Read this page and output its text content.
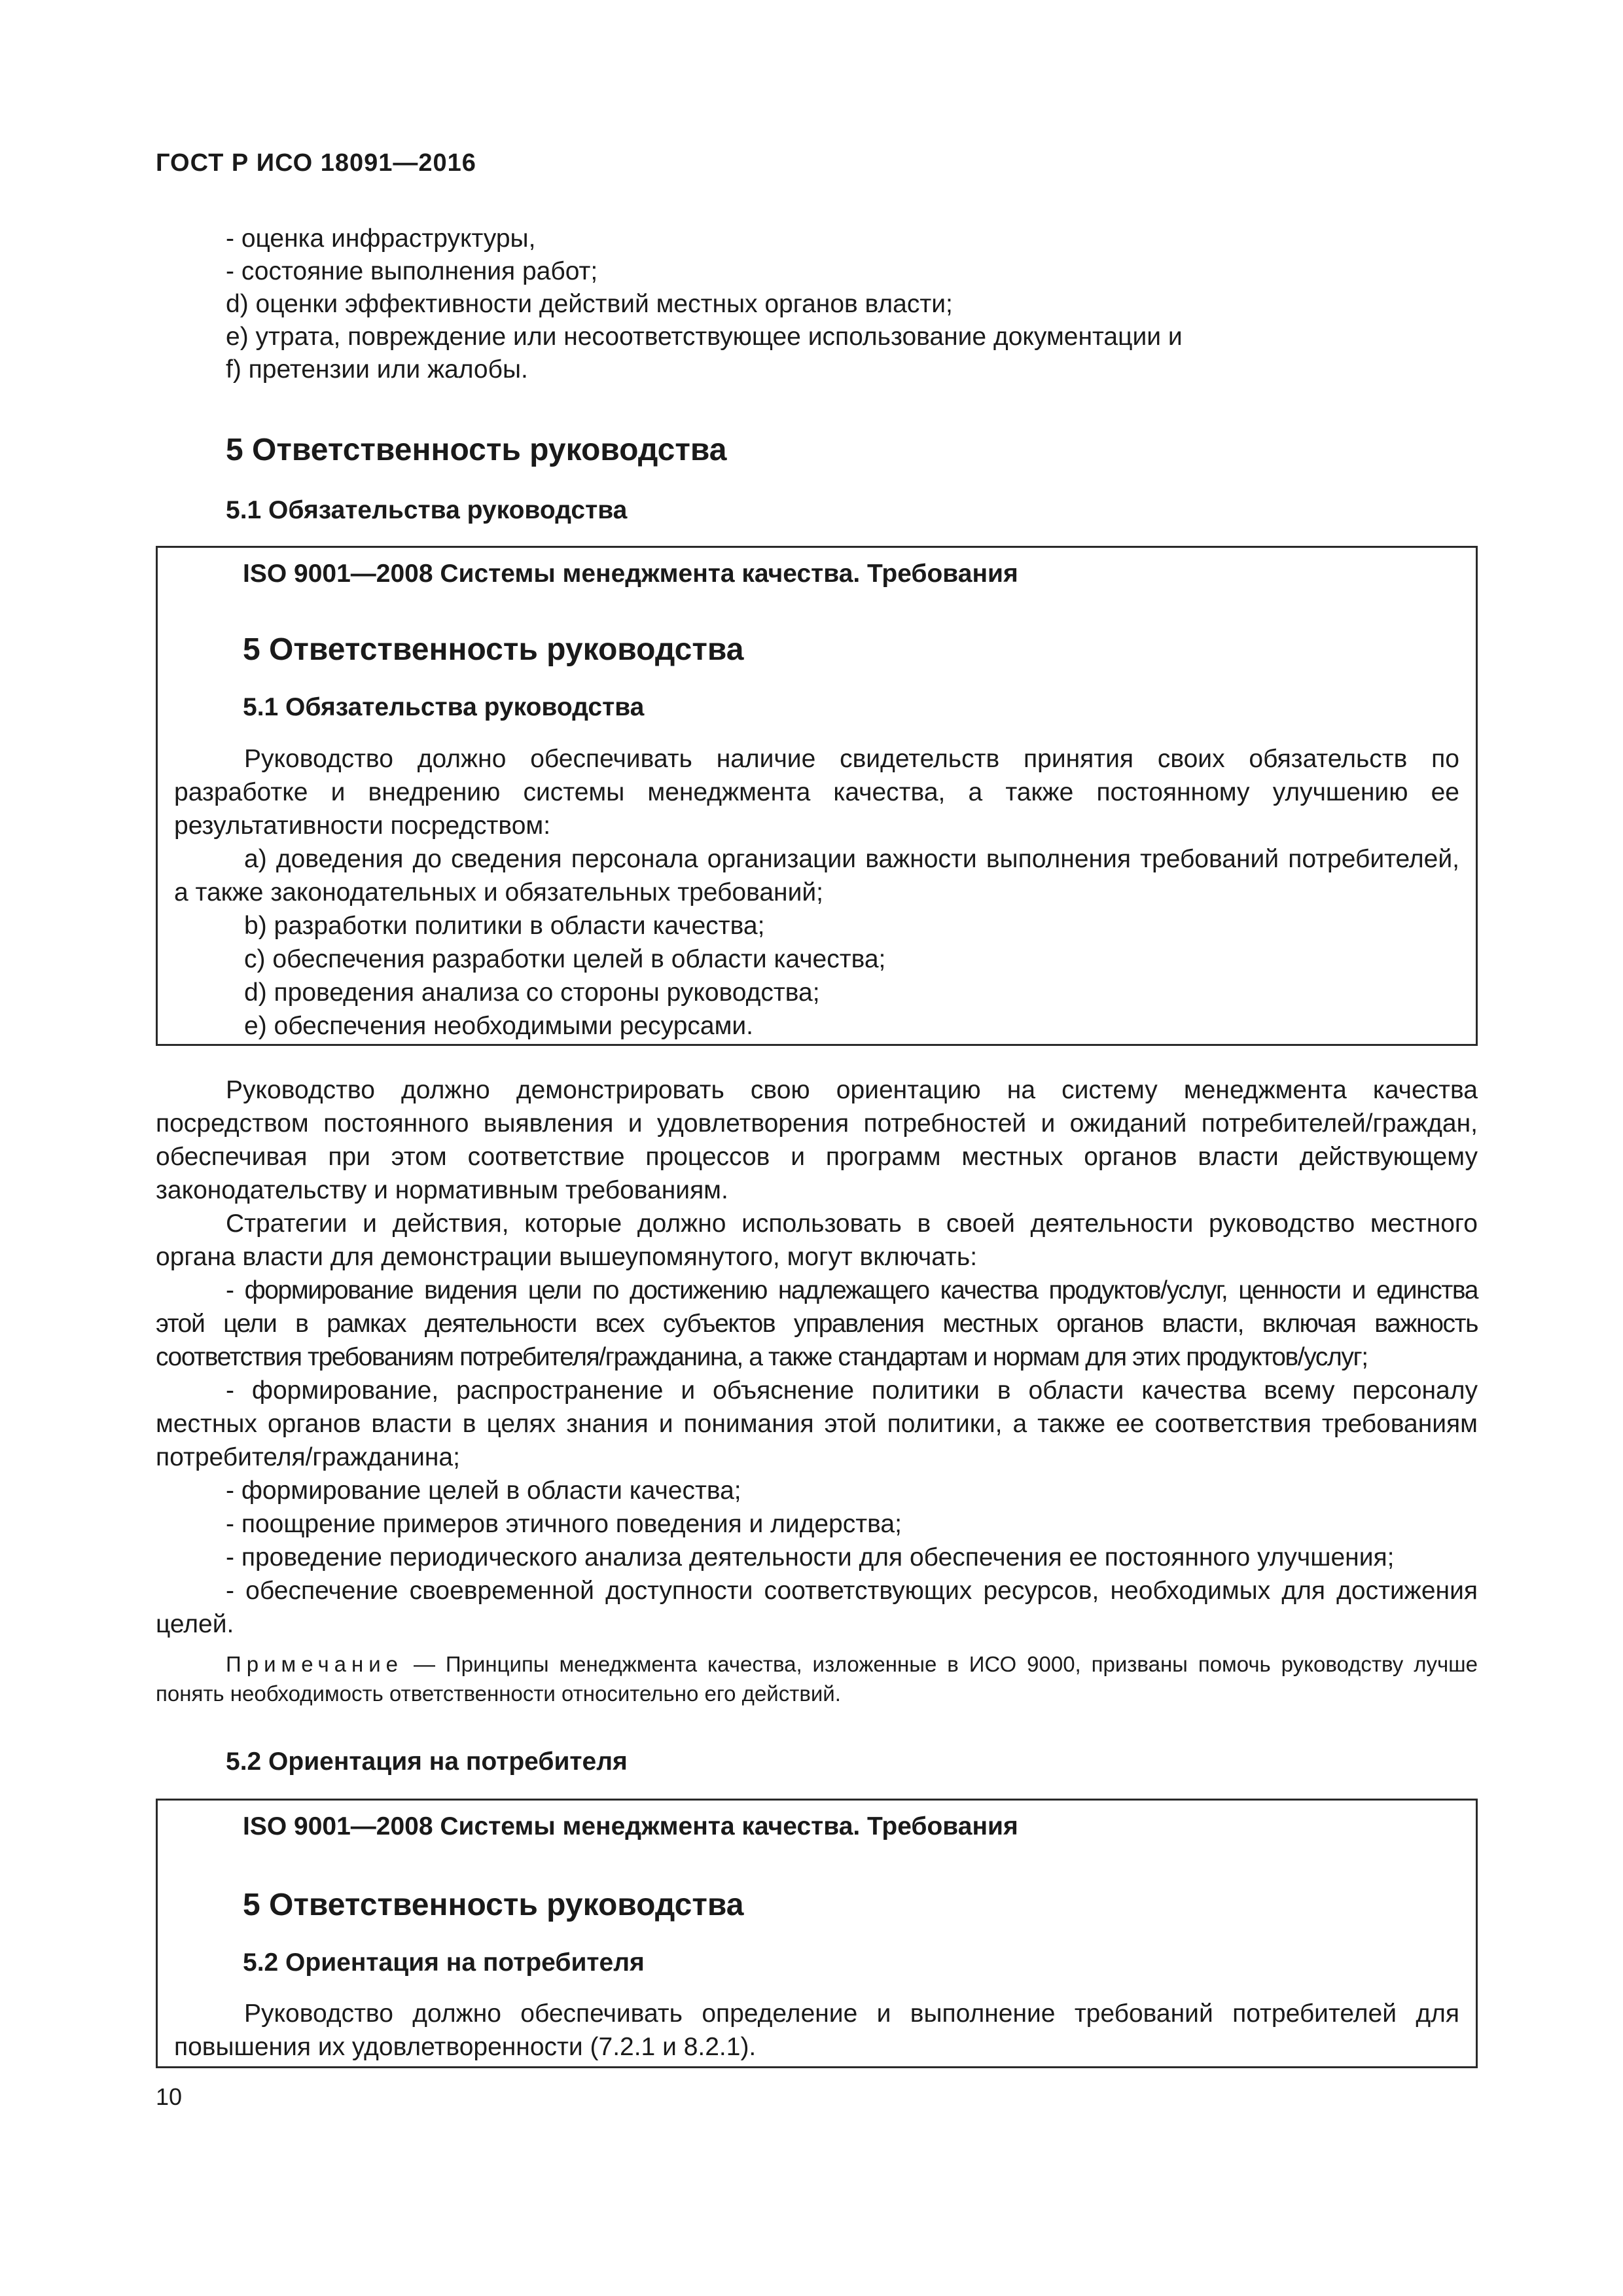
ГОСТ Р ИСО 18091—2016

- оценка инфраструктуры,

- состояние выполнения работ;

d) оценки эффективности действий местных органов власти;

e) утрата, повреждение или несоответствующее использование документации и

f) претензии или жалобы.

5 Ответственность руководства
5.1 Обязательства руководства
ISO 9001—2008 Системы менеджмента качества. Требования
5 Ответственность руководства
5.1 Обязательства руководства

Руководство должно обеспечивать наличие свидетельств принятия своих обязательств по разработке и внедрению системы менеджмента качества, а также постоянному улучшению ее результативности посредством:

a) доведения до сведения персонала организации важности выполнения требований потребителей, а также законодательных и обязательных требований;

b) разработки политики в области качества;

c) обеспечения разработки целей в области качества;

d) проведения анализа со стороны руководства;

e) обеспечения необходимыми ресурсами.

Руководство должно демонстрировать свою ориентацию на систему менеджмента качества посредством постоянного выявления и удовлетворения потребностей и ожиданий потребителей/граждан, обеспечивая при этом соответствие процессов и программ местных органов власти действующему законодательству и нормативным требованиям.

Стратегии и действия, которые должно использовать в своей деятельности руководство местного органа власти для демонстрации вышеупомянутого, могут включать:

- формирование видения цели по достижению надлежащего качества продуктов/услуг, ценности и единства этой цели в рамках деятельности всех субъектов управления местных органов власти, включая важность соответствия требованиям потребителя/гражданина, а также стандартам и нормам для этих продуктов/услуг;

- формирование, распространение и объяснение политики в области качества всему персоналу местных органов власти в целях знания и понимания этой политики, а также ее соответствия требованиям потребителя/гражданина;

- формирование целей в области качества;

- поощрение примеров этичного поведения и лидерства;

- проведение периодического анализа деятельности для обеспечения ее постоянного улучшения;

- обеспечение своевременной доступности соответствующих ресурсов, необходимых для достижения целей.

Примечание — Принципы менеджмента качества, изложенные в ИСО 9000, призваны помочь руководству лучше понять необходимость ответственности относительно его действий.

5.2 Ориентация на потребителя
ISO 9001—2008 Системы менеджмента качества. Требования
5 Ответственность руководства
5.2 Ориентация на потребителя

Руководство должно обеспечивать определение и выполнение требований потребителей для повышения их удовлетворенности (7.2.1 и 8.2.1).

10
